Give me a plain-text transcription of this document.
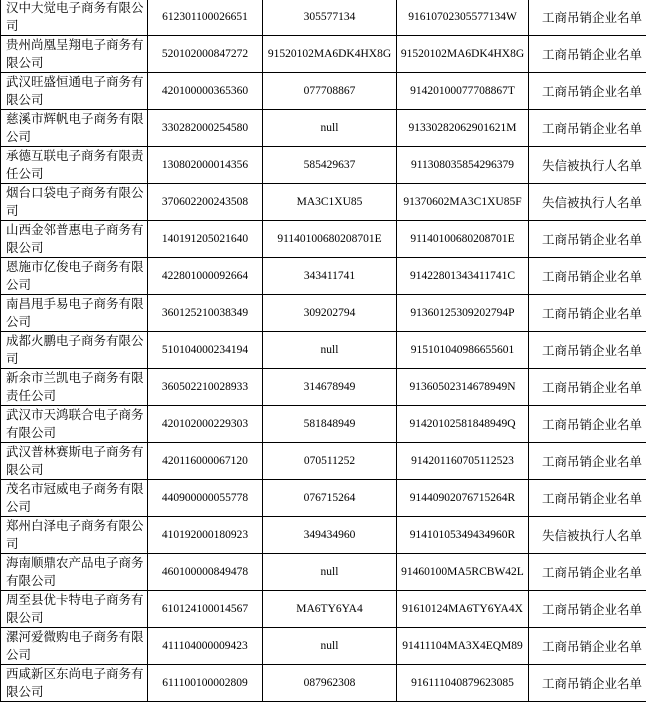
汉中大觉电子商务有限公司	612301100026651	305577134	91610702305577134W	工商吊销企业名单
贵州尚凰呈翔电子商务有限公司	520102000847272	91520102MA6DK4HX8G	91520102MA6DK4HX8G	工商吊销企业名单
武汉旺盛恒通电子商务有限公司	420100000365360	077708867	91420100077708867T	工商吊销企业名单
慈溪市辉帆电子商务有限公司	330282000254580	null	91330282062901621M	工商吊销企业名单
承德互联电子商务有限责任公司	130802000014356	585429637	91130803585429637​9	失信被执行人名单
烟台口袋电子商务有限公司	370602200243508	MA3C1XU85	91370602MA3C1XU85F	失信被执行人名单
山西金邻普惠电子商务有限公司	140191205021640	91140100680208701E	91140100680208701E	工商吊销企业名单
恩施市亿俊电子商务有限公司	422801000092664	343411741	91422801343411741C	工商吊销企业名单
南昌甩手易电子商务有限公司	360125210038349	309202794	91360125309202794P	工商吊销企业名单
成都火鹏电子商务有限公司	510104000234194	null	91510104098665560​1	工商吊销企业名单
新余市兰凯电子商务有限责任公司	360502210028933	314678949	91360502314678949N	工商吊销企业名单
武汉市天鸿联合电子商务有限公司	420102000229303	581848949	91420102581848949Q	工商吊销企业名单
武汉普林赛斯电子商务有限公司	420116000067120	070511252	91420116070511252​3	工商吊销企业名单
茂名市冠威电子商务有限公司	440900000055778	076715264	91440902076715264R	工商吊销企业名单
郑州白泽电子商务有限公司	410192000180923	349434960	91410105349434960R	失信被执行人名单
海南顺鼎农产品电子商务有限公司	460100000849478	null	91460100MA5RCBW42L	工商吊销企业名单
周至县优卡特电子商务有限公司	610124100014567	MA6TY6YA4	91610124MA6TY6YA4X	工商吊销企业名单
漯河爱微购电子商务有限公司	411104000009423	null	91411104MA3X4EQM89	工商吊销企业名单
西咸新区东尚电子商务有限公司	611100100002809	087962308	91611104087962308​5	工商吊销企业名单
